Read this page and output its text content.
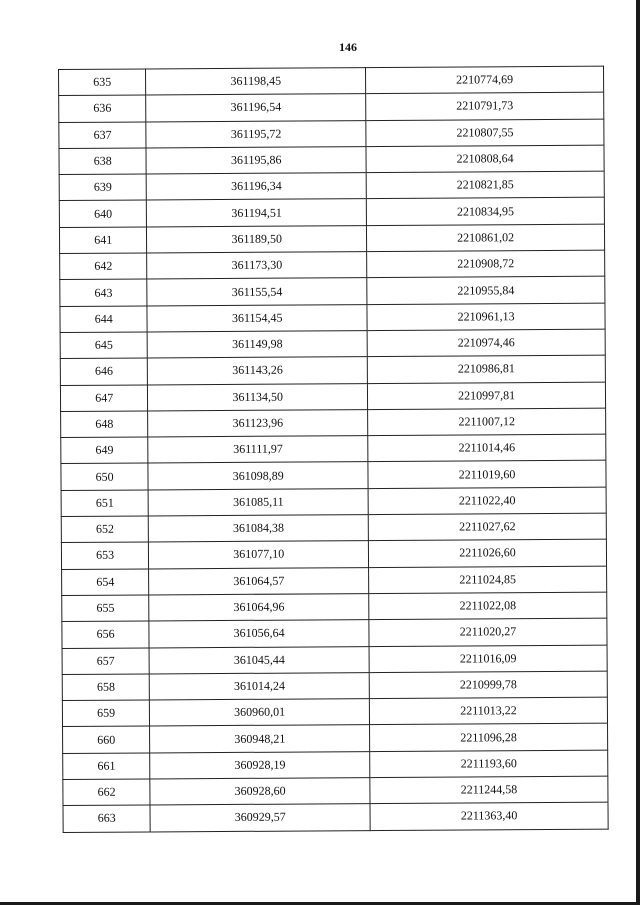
146
635	361198,45	2210774,69
636	361196,54	2210791,73
637	361195,72	2210807,55
638	361195,86	2210808,64
639	361196,34	2210821,85
640	361194,51	2210834,95
641	361189,50	2210861,02
642	361173,30	2210908,72
643	361155,54	2210955,84
644	361154,45	2210961,13
645	361149,98	2210974,46
646	361143,26	2210986,81
647	361134,50	2210997,81
648	361123,96	2211007,12
649	361111,97	2211014,46
650	361098,89	2211019,60
651	361085,11	2211022,40
652	361084,38	2211027,62
653	361077,10	2211026,60
654	361064,57	2211024,85
655	361064,96	2211022,08
656	361056,64	2211020,27
657	361045,44	2211016,09
658	361014,24	2210999,78
659	360960,01	2211013,22
660	360948,21	2211096,28
661	360928,19	2211193,60
662	360928,60	2211244,58
663	360929,57	2211363,40
